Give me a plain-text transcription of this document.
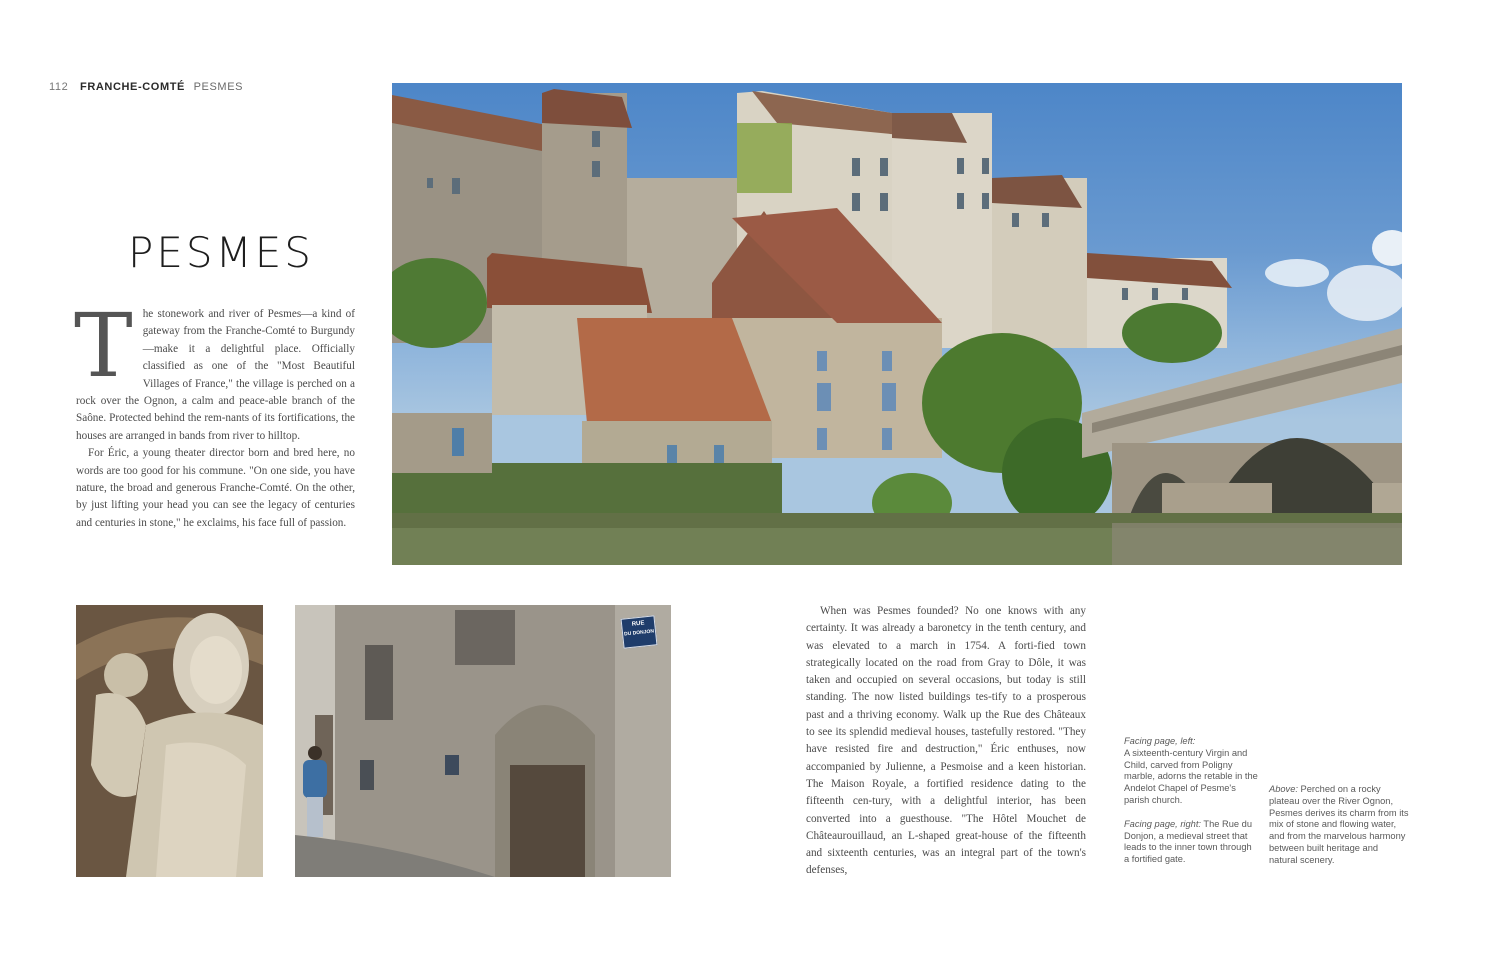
112 FRANCHE-COMTÉ PESMES
PESMES

The stonework and river of Pesmes—a kind of gateway from the Franche-Comté to Burgundy—make it a delightful place. Officially classified as one of the "Most Beautiful Villages of France," the village is perched on a rock over the Ognon, a calm and peace-able branch of the Saône. Protected behind the rem-nants of its fortifications, the houses are arranged in bands from river to hilltop.

For Éric, a young theater director born and bred here, no words are too good for his commune. "On one side, you have nature, the broad and generous Franche-Comté. On the other, by just lifting your head you can see the legacy of centuries and centuries in stone," he exclaims, his face full of passion.

RUE
DU DONJON

When was Pesmes founded? No one knows with any certainty. It was already a baronetcy in the tenth century, and was elevated to a march in 1754. A forti-fied town strategically located on the road from Gray to Dôle, it was taken and occupied on several occasions, but today is still standing. The now listed buildings tes-tify to a prosperous past and a thriving economy. Walk up the Rue des Châteaux to see its splendid medieval houses, tastefully restored. "They have resisted fire and destruction," Éric enthuses, now accompanied by Julienne, a Pesmoise and a keen historian. The Maison Royale, a fortified residence dating to the fifteenth cen-tury, with a delightful interior, has been converted into a guesthouse. "The Hôtel Mouchet de Châteaurouillaud, an L-shaped great-house of the fifteenth and sixteenth centuries, was an integral part of the town's defenses,

Facing page, left:
A sixteenth-century Virgin and Child, carved from Poligny marble, adorns the retable in the Andelot Chapel of Pesme's parish church.

Facing page, right: The Rue du Donjon, a medieval street that leads to the inner town through a fortified gate.

Above: Perched on a rocky plateau over the River Ognon, Pesmes derives its charm from its mix of stone and flowing water, and from the marvelous harmony between built heritage and natural scenery.
